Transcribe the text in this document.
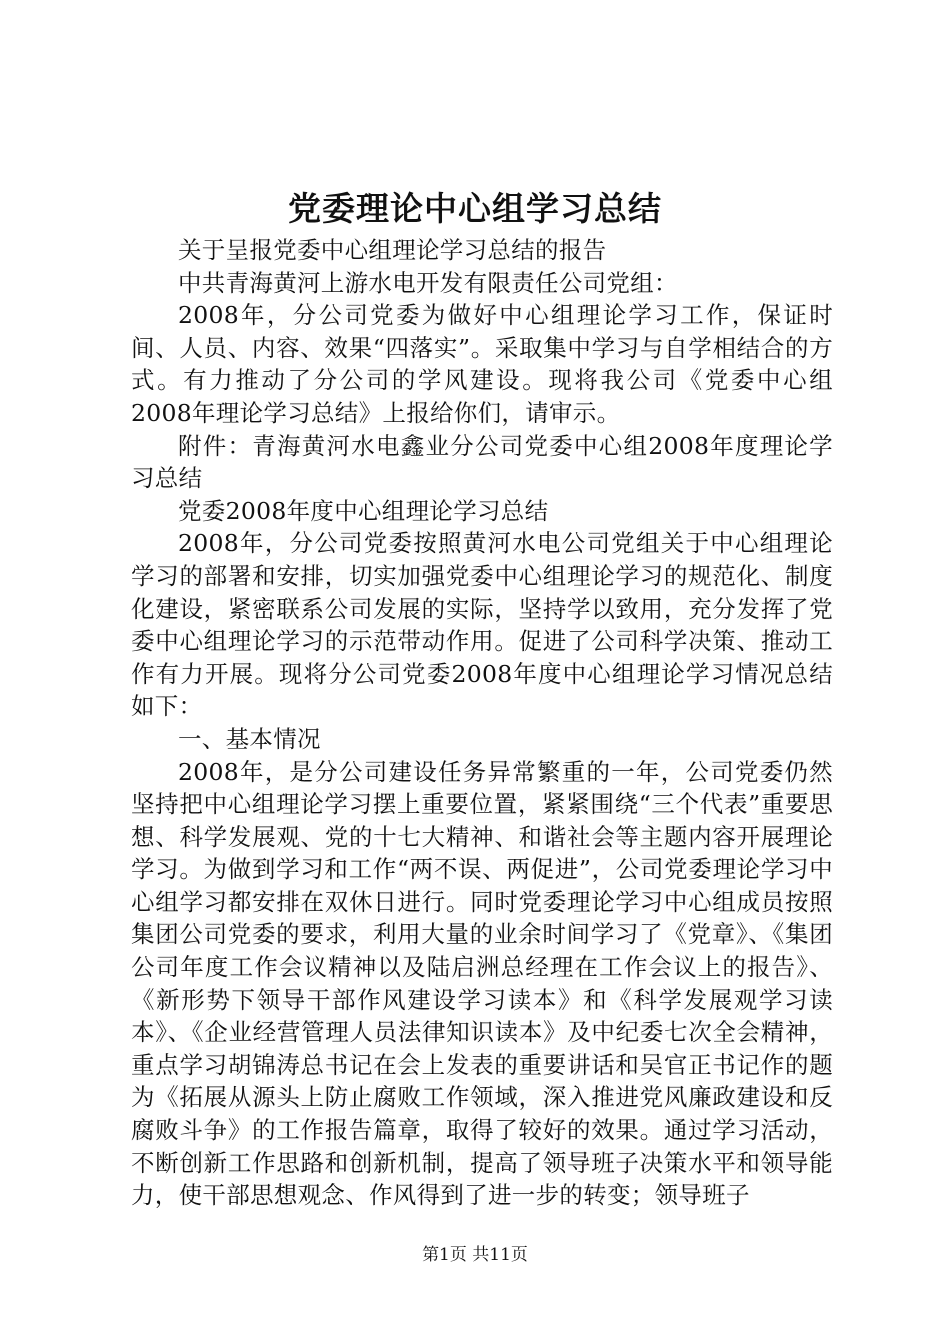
党委理论中心组学习总结

关于呈报党委中心组理论学习总结的报告

中共青海黄河上游水电开发有限责任公司党组：

2008年，分公司党委为做好中心组理论学习工作，保证时间、人员、内容、效果“四落实”。采取集中学习与自学相结合的方式。有力推动了分公司的学风建设。现将我公司《党委中心组2008年理论学习总结》上报给你们，请审示。

附件：青海黄河水电鑫业分公司党委中心组2008年度理论学习总结

党委2008年度中心组理论学习总结

2008年，分公司党委按照黄河水电公司党组关于中心组理论学习的部署和安排，切实加强党委中心组理论学习的规范化、制度化建设，紧密联系公司发展的实际，坚持学以致用，充分发挥了党委中心组理论学习的示范带动作用。促进了公司科学决策、推动工作有力开展。现将分公司党委2008年度中心组理论学习情况总结如下：

一、基本情况

2008年，是分公司建设任务异常繁重的一年，公司党委仍然坚持把中心组理论学习摆上重要位置，紧紧围绕“三个代表”重要思想、科学发展观、党的十七大精神、和谐社会等主题内容开展理论学习。为做到学习和工作“两不误、两促进”，公司党委理论学习中心组学习都安排在双休日进行。同时党委理论学习中心组成员按照集团公司党委的要求，利用大量的业余时间学习了《党章》、《集团公司年度工作会议精神以及陆启洲总经理在工作会议上的报告》、《新形势下领导干部作风建设学习读本》和《科学发展观学习读本》、《企业经营管理人员法律知识读本》及中纪委七次全会精神，重点学习胡锦涛总书记在会上发表的重要讲话和吴官正书记作的题为《拓展从源头上防止腐败工作领域，深入推进党风廉政建设和反腐败斗争》的工作报告篇章，取得了较好的效果。通过学习活动，不断创新工作思路和创新机制，提高了领导班子决策水平和领导能力，使干部思想观念、作风得到了进一步的转变；领导班子

第1页 共11页
